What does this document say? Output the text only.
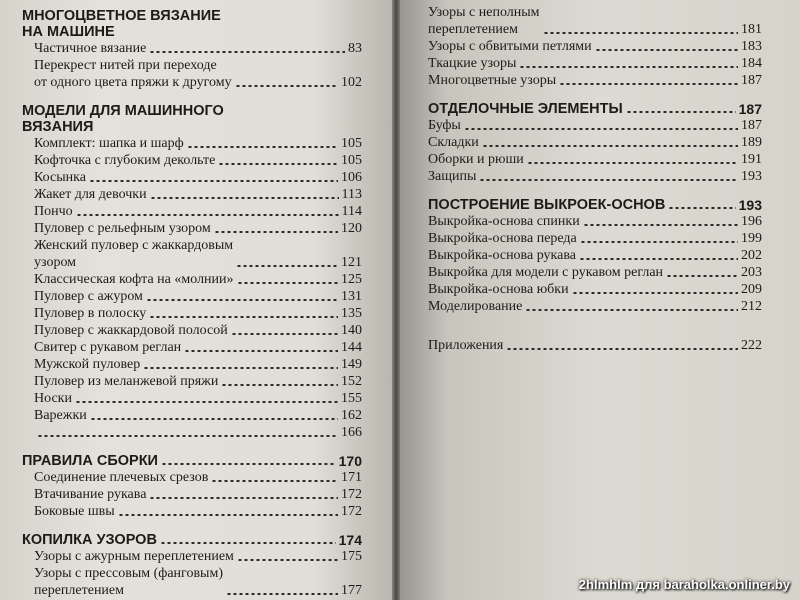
МНОГОЦВЕТНОЕ ВЯЗАНИЕ
НА МАШИНЕ
Частичное вязание	83
Перекрест нитей при переходе
от одного цвета пряжи к другому	102
МОДЕЛИ ДЛЯ МАШИННОГО
ВЯЗАНИЯ
Комплект: шапка и шарф	105
Кофточка с глубоким декольте	105
Косынка	106
Жакет для девочки	113
Пончо	114
Пуловер с рельефным узором	120
Женский пуловер с жаккардовым
узором	121
Классическая кофта на «молнии»	125
Пуловер с ажуром	131
Пуловер в полоску	135
Пуловер с жаккардовой полосой	140
Свитер с рукавом реглан	144
Мужской пуловер	149
Пуловер из меланжевой пряжи	152
Носки	155
Варежки	162
166
ПРАВИЛА СБОРКИ	170
Соединение плечевых срезов	171
Втачивание рукава	172
Боковые швы	172
КОПИЛКА УЗОРОВ	174
Узоры с ажурным переплетением	175
Узоры с прессовым (фанговым)
переплетением	177
Узоры с неполным
переплетением	181
Узоры с обвитыми петлями	183
Ткацкие узоры	184
Многоцветные узоры	187
ОТДЕЛОЧНЫЕ ЭЛЕМЕНТЫ	187
Буфы	187
Складки	189
Оборки и рюши	191
Защипы	193
ПОСТРОЕНИЕ ВЫКРОЕК-ОСНОВ	193
Выкройка-основа спинки	196
Выкройка-основа переда	199
Выкройка-основа рукава	202
Выкройка для модели с рукавом реглан	203
Выкройка-основа юбки	209
Моделирование	212
Приложения	222
2hlmhlm для baraholka.onliner.by
